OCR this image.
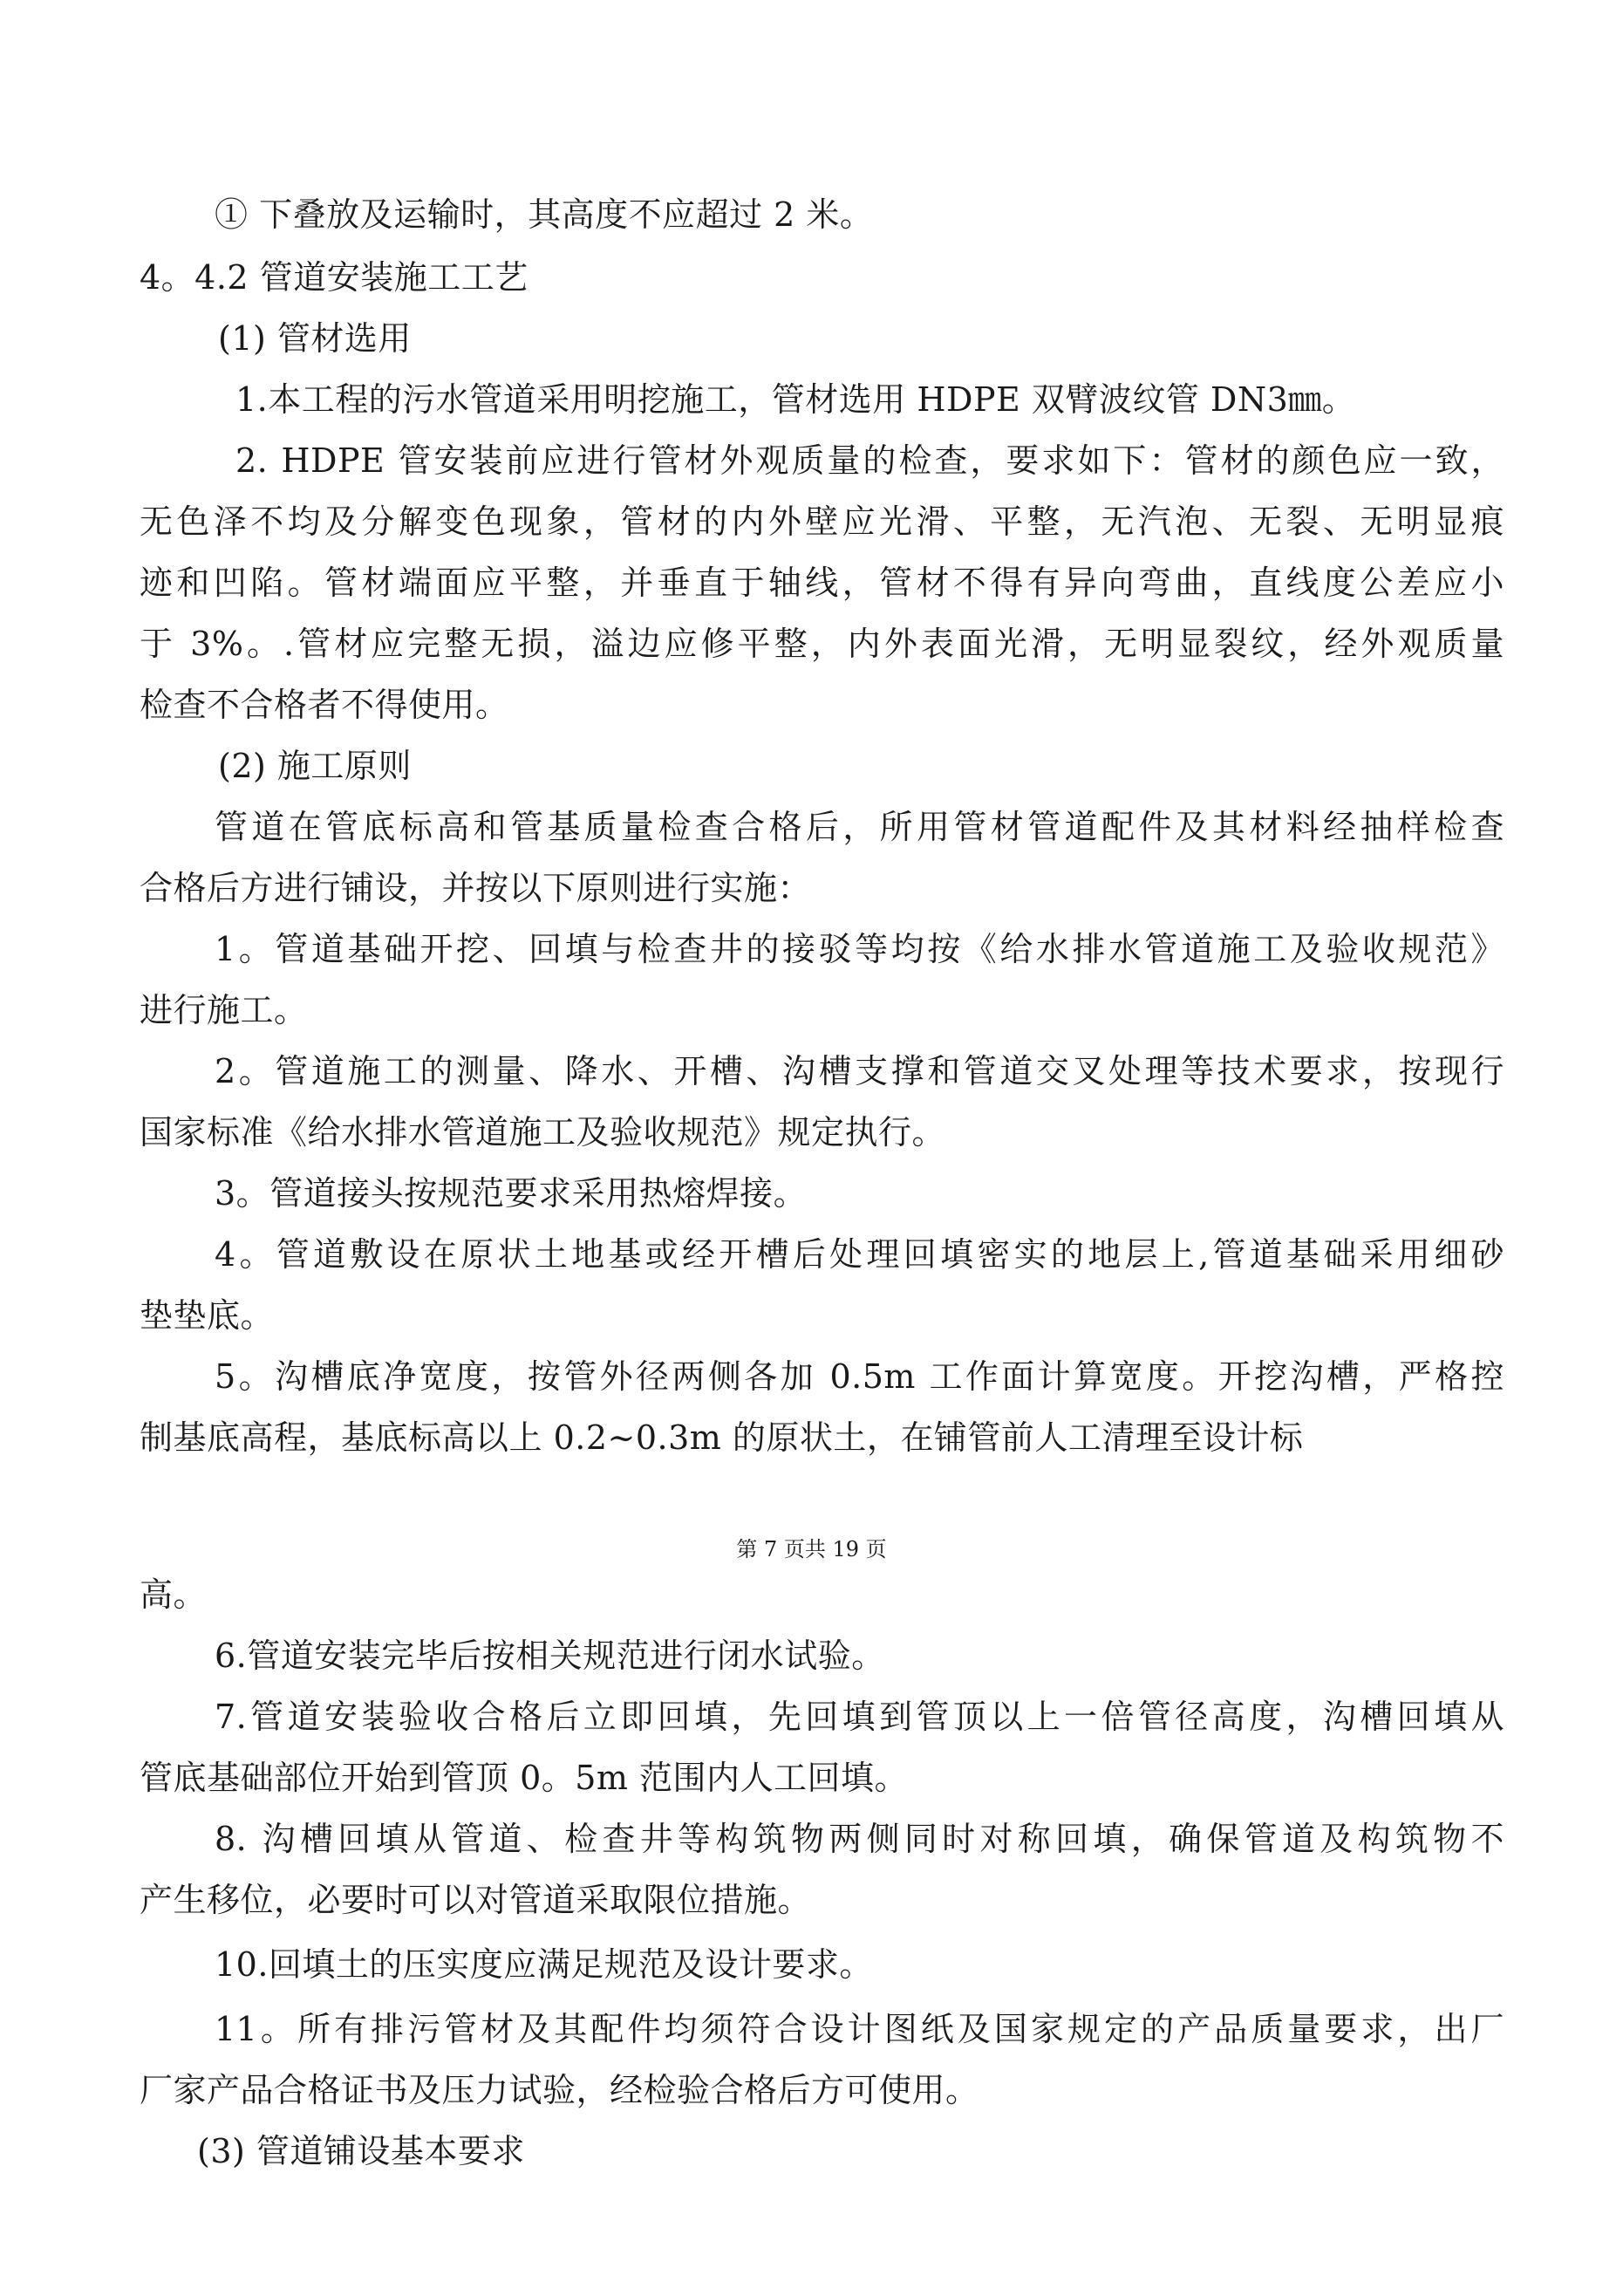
① 下叠放及运输时，其高度不应超过 2 米。
4。4.2 管道安装施工工艺
(1) 管材选用
1.本工程的污水管道采用明挖施工，管材选用 HDPE 双臂波纹管 DN3㎜。
2. HDPE 管安装前应进行管材外观质量的检查，要求如下：管材的颜色应一致，
无色泽不均及分解变色现象，管材的内外壁应光滑、平整，无汽泡、无裂、无明显痕
迹和凹陷。管材端面应平整，并垂直于轴线，管材不得有异向弯曲，直线度公差应小
于 3%。.管材应完整无损，溢边应修平整，内外表面光滑，无明显裂纹，经外观质量
检查不合格者不得使用。
(2) 施工原则
管道在管底标高和管基质量检查合格后，所用管材管道配件及其材料经抽样检查
合格后方进行铺设，并按以下原则进行实施：
1。管道基础开挖、回填与检查井的接驳等均按《给水排水管道施工及验收规范》
进行施工。
2。管道施工的测量、降水、开槽、沟槽支撑和管道交叉处理等技术要求，按现行
国家标准《给水排水管道施工及验收规范》规定执行。
3。管道接头按规范要求采用热熔焊接。
4。管道敷设在原状土地基或经开槽后处理回填密实的地层上,管道基础采用细砂
垫垫底。
5。沟槽底净宽度，按管外径两侧各加 0.5m 工作面计算宽度。开挖沟槽，严格控
制基底高程，基底标高以上 0.2~0.3m 的原状土，在铺管前人工清理至设计标
第 7 页共 19 页
高。
6.管道安装完毕后按相关规范进行闭水试验。
7.管道安装验收合格后立即回填，先回填到管顶以上一倍管径高度，沟槽回填从
管底基础部位开始到管顶 0。5m 范围内人工回填。
8. 沟槽回填从管道、检查井等构筑物两侧同时对称回填，确保管道及构筑物不
产生移位，必要时可以对管道采取限位措施。
10.回填土的压实度应满足规范及设计要求。
11。所有排污管材及其配件均须符合设计图纸及国家规定的产品质量要求，出厂
厂家产品合格证书及压力试验，经检验合格后方可使用。
(3) 管道铺设基本要求
